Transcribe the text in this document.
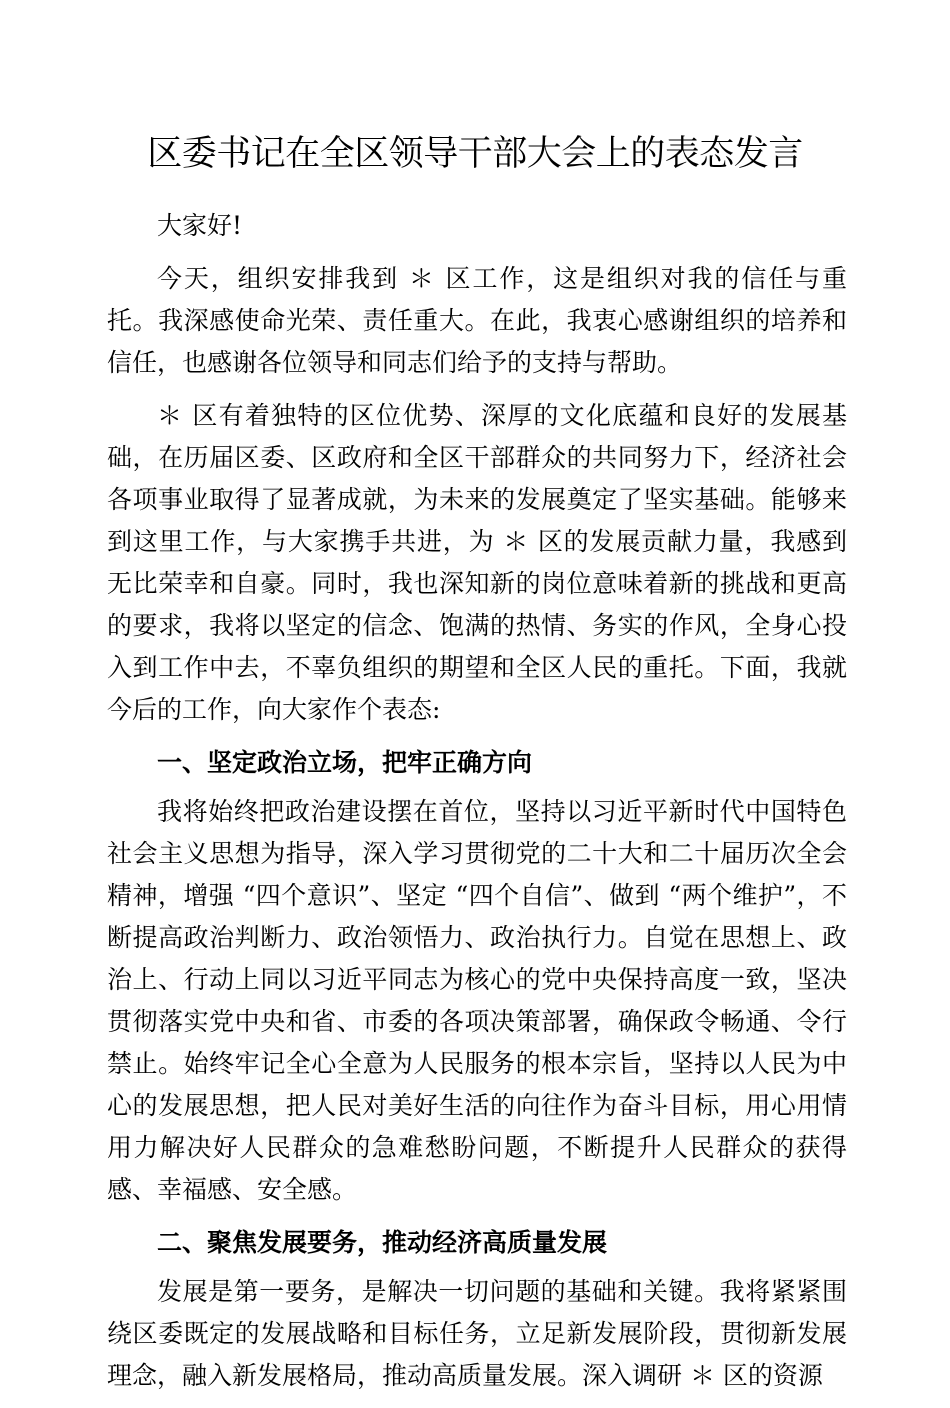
区委书记在全区领导干部大会上的表态发言

大家好!

今天，组织安排我到 ＊ 区工作，这是组织对我的信任与重托。我深感使命光荣、责任重大。在此，我衷心感谢组织的培养和信任，也感谢各位领导和同志们给予的支持与帮助。

＊ 区有着独特的区位优势、深厚的文化底蕴和良好的发展基础，在历届区委、区政府和全区干部群众的共同努力下，经济社会各项事业取得了显著成就，为未来的发展奠定了坚实基础。能够来到这里工作，与大家携手共进，为 ＊ 区的发展贡献力量，我感到无比荣幸和自豪。同时，我也深知新的岗位意味着新的挑战和更高的要求，我将以坚定的信念、饱满的热情、务实的作风，全身心投入到工作中去，不辜负组织的期望和全区人民的重托。下面，我就今后的工作，向大家作个表态:

一、坚定政治立场，把牢正确方向

我将始终把政治建设摆在首位，坚持以习近平新时代中国特色社会主义思想为指导，深入学习贯彻党的二十大和二十届历次全会精神，增强 “四个意识”、坚定 “四个自信”、做到 “两个维护”，不断提高政治判断力、政治领悟力、政治执行力。自觉在思想上、政治上、行动上同以习近平同志为核心的党中央保持高度一致，坚决贯彻落实党中央和省、市委的各项决策部署，确保政令畅通、令行禁止。始终牢记全心全意为人民服务的根本宗旨，坚持以人民为中心的发展思想，把人民对美好生活的向往作为奋斗目标，用心用情用力解决好人民群众的急难愁盼问题，不断提升人民群众的获得感、幸福感、安全感。

二、聚焦发展要务，推动经济高质量发展

发展是第一要务，是解决一切问题的基础和关键。我将紧紧围绕区委既定的发展战略和目标任务，立足新发展阶段，贯彻新发展理念，融入新发展格局，推动高质量发展。深入调研 ＊ 区的资源
